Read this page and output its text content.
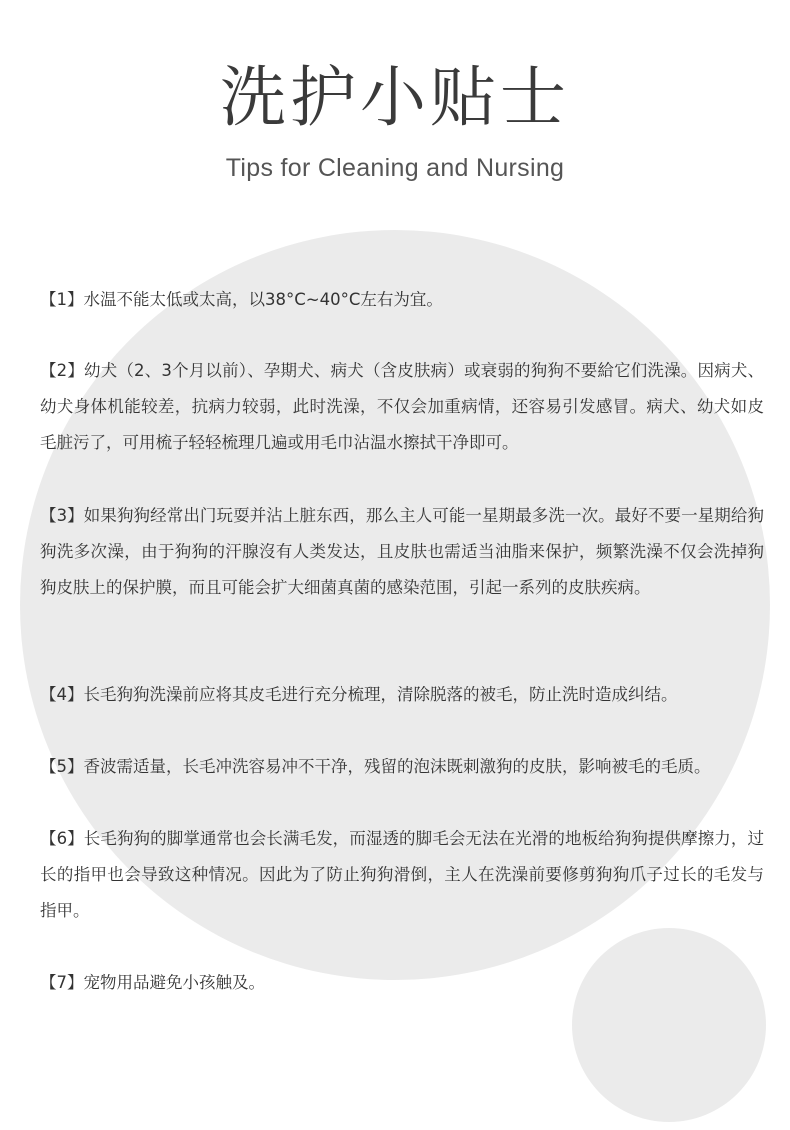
洗护小贴士
Tips for Cleaning and Nursing

【1】水温不能太低或太高，以38°C~40°C左右为宜。

【2】幼犬（2、3个月以前）、孕期犬、病犬（含皮肤病）或衰弱的狗狗不要給它们洗澡。因病犬、幼犬身体机能较差，抗病力较弱，此时洗澡，不仅会加重病情，还容易引发感冒。病犬、幼犬如皮毛脏污了，可用梳子轻轻梳理几遍或用毛巾沾温水擦拭干净即可。

【3】如果狗狗经常出门玩耍并沾上脏东西，那么主人可能一星期最多洗一次。最好不要一星期给狗狗洗多次澡，由于狗狗的汗腺沒有人类发达，且皮肤也需适当油脂来保护，频繁洗澡不仅会洗掉狗狗皮肤上的保护膜，而且可能会扩大细菌真菌的感染范围，引起一系列的皮肤疾病。

【4】长毛狗狗洗澡前应将其皮毛进行充分梳理，清除脱落的被毛，防止洗时造成纠结。

【5】香波需适量，长毛冲洗容易冲不干净，残留的泡沫既刺激狗的皮肤，影响被毛的毛质。

【6】长毛狗狗的脚掌通常也会长满毛发，而湿透的脚毛会无法在光滑的地板给狗狗提供摩擦力，过长的指甲也会导致这种情况。因此为了防止狗狗滑倒，主人在洗澡前要修剪狗狗爪子过长的毛发与指甲。

【7】宠物用品避免小孩触及。
